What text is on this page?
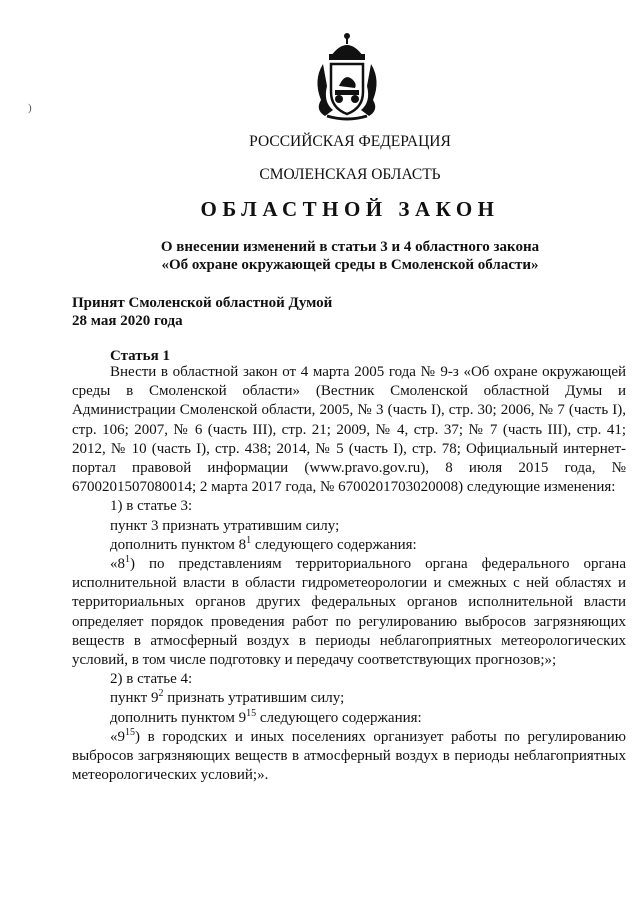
)
РОССИЙСКАЯ ФЕДЕРАЦИЯ
СМОЛЕНСКАЯ ОБЛАСТЬ
ОБЛАСТНОЙ ЗАКОН
О внесении изменений в статьи 3 и 4 областного закона
«Об охране окружающей среды в Смоленской области»
Принят Смоленской областной Думой
28 мая 2020 года
Статья 1

Внести в областной закон от 4 марта 2005 года № 9-з «Об охране окружающей среды в Смоленской области» (Вестник Смоленской областной Думы и Администрации Смоленской области, 2005, № 3 (часть I), стр. 30; 2006, № 7 (часть I), стр. 106; 2007, № 6 (часть III), стр. 21; 2009, № 4, стр. 37; № 7 (часть III), стр. 41; 2012, № 10 (часть I), стр. 438; 2014, № 5 (часть I), стр. 78; Официальный интернет-портал правовой информации (www.pravo.gov.ru), 8 июля 2015 года, № 6700201507080014; 2 марта 2017 года, № 6700201703020008) следующие изменения:

1) в статье 3:

пункт 3 признать утратившим силу;

дополнить пунктом $8^1$ следующего содержания:

«$8^1$) по представлениям территориального органа федерального органа исполнительной власти в области гидрометеорологии и смежных с ней областях и территориальных органов других федеральных органов исполнительной власти определяет порядок проведения работ по регулированию выбросов загрязняющих веществ в атмосферный воздух в периоды неблагоприятных метеорологических условий, в том числе подготовку и передачу соответствующих прогнозов;»;

2) в статье 4:

пункт $9^2$ признать утратившим силу;

дополнить пунктом $9^{15}$ следующего содержания:

«$9^{15}$) в городских и иных поселениях организует работы по регулированию выбросов загрязняющих веществ в атмосферный воздух в периоды неблагоприятных метеорологических условий;».
